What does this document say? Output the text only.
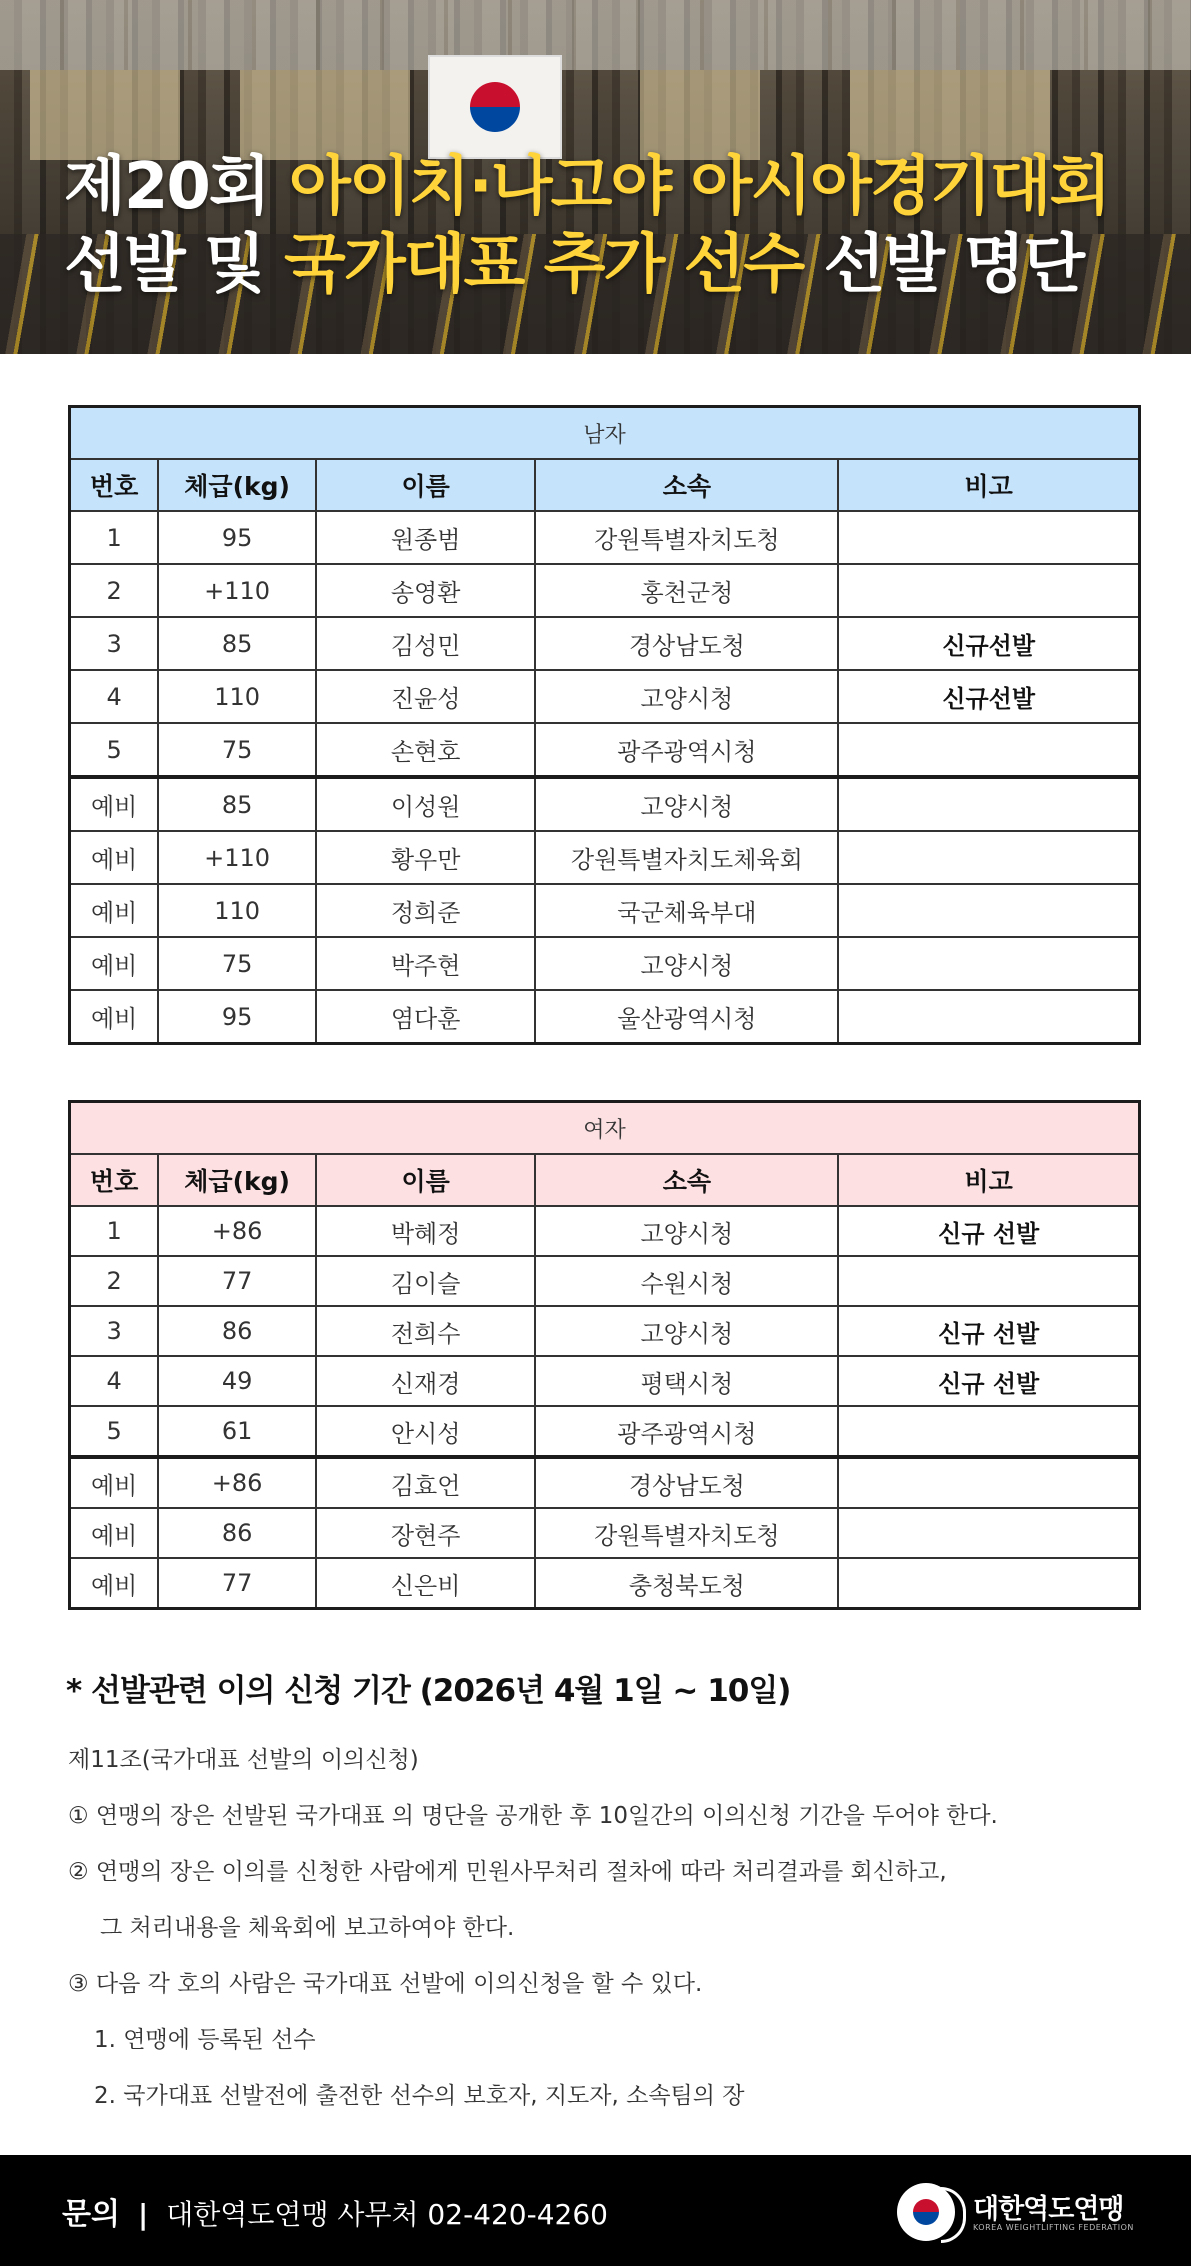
제20회 아이치·나고야 아시아경기대회
선발 및 국가대표 추가 선수 선발 명단
남자				
번호	체급(kg)	이름	소속	비고
1	95	원종범	강원특별자치도청	
2	+110	송영환	홍천군청	
3	85	김성민	경상남도청	신규선발
4	110	진윤성	고양시청	신규선발
5	75	손현호	광주광역시청	
예비	85	이성원	고양시청	
예비	+110	황우만	강원특별자치도체육회	
예비	110	정희준	국군체육부대	
예비	75	박주현	고양시청	
예비	95	염다훈	울산광역시청	
여자				
번호	체급(kg)	이름	소속	비고
1	+86	박혜정	고양시청	신규 선발
2	77	김이슬	수원시청	
3	86	전희수	고양시청	신규 선발
4	49	신재경	평택시청	신규 선발
5	61	안시성	광주광역시청	
예비	+86	김효언	경상남도청	
예비	86	장현주	강원특별자치도청	
예비	77	신은비	충청북도청	
* 선발관련 이의 신청 기간 (2026년 4월 1일 ~ 10일)

제11조(국가대표 선발의 이의신청)

① 연맹의 장은 선발된 국가대표 의 명단을 공개한 후 10일간의 이의신청 기간을 두어야 한다.

② 연맹의 장은 이의를 신청한 사람에게 민원사무처리 절차에 따라 처리결과를 회신하고,

그 처리내용을 체육회에 보고하여야 한다.

③ 다음 각 호의 사람은 국가대표 선발에 이의신청을 할 수 있다.

1. 연맹에 등록된 선수

2. 국가대표 선발전에 출전한 선수의 보호자, 지도자, 소속팀의 장

문의 | 대한역도연맹 사무처 02-420-4260	대한역도연맹
KOREA WEIGHTLIFTING FEDERATION
